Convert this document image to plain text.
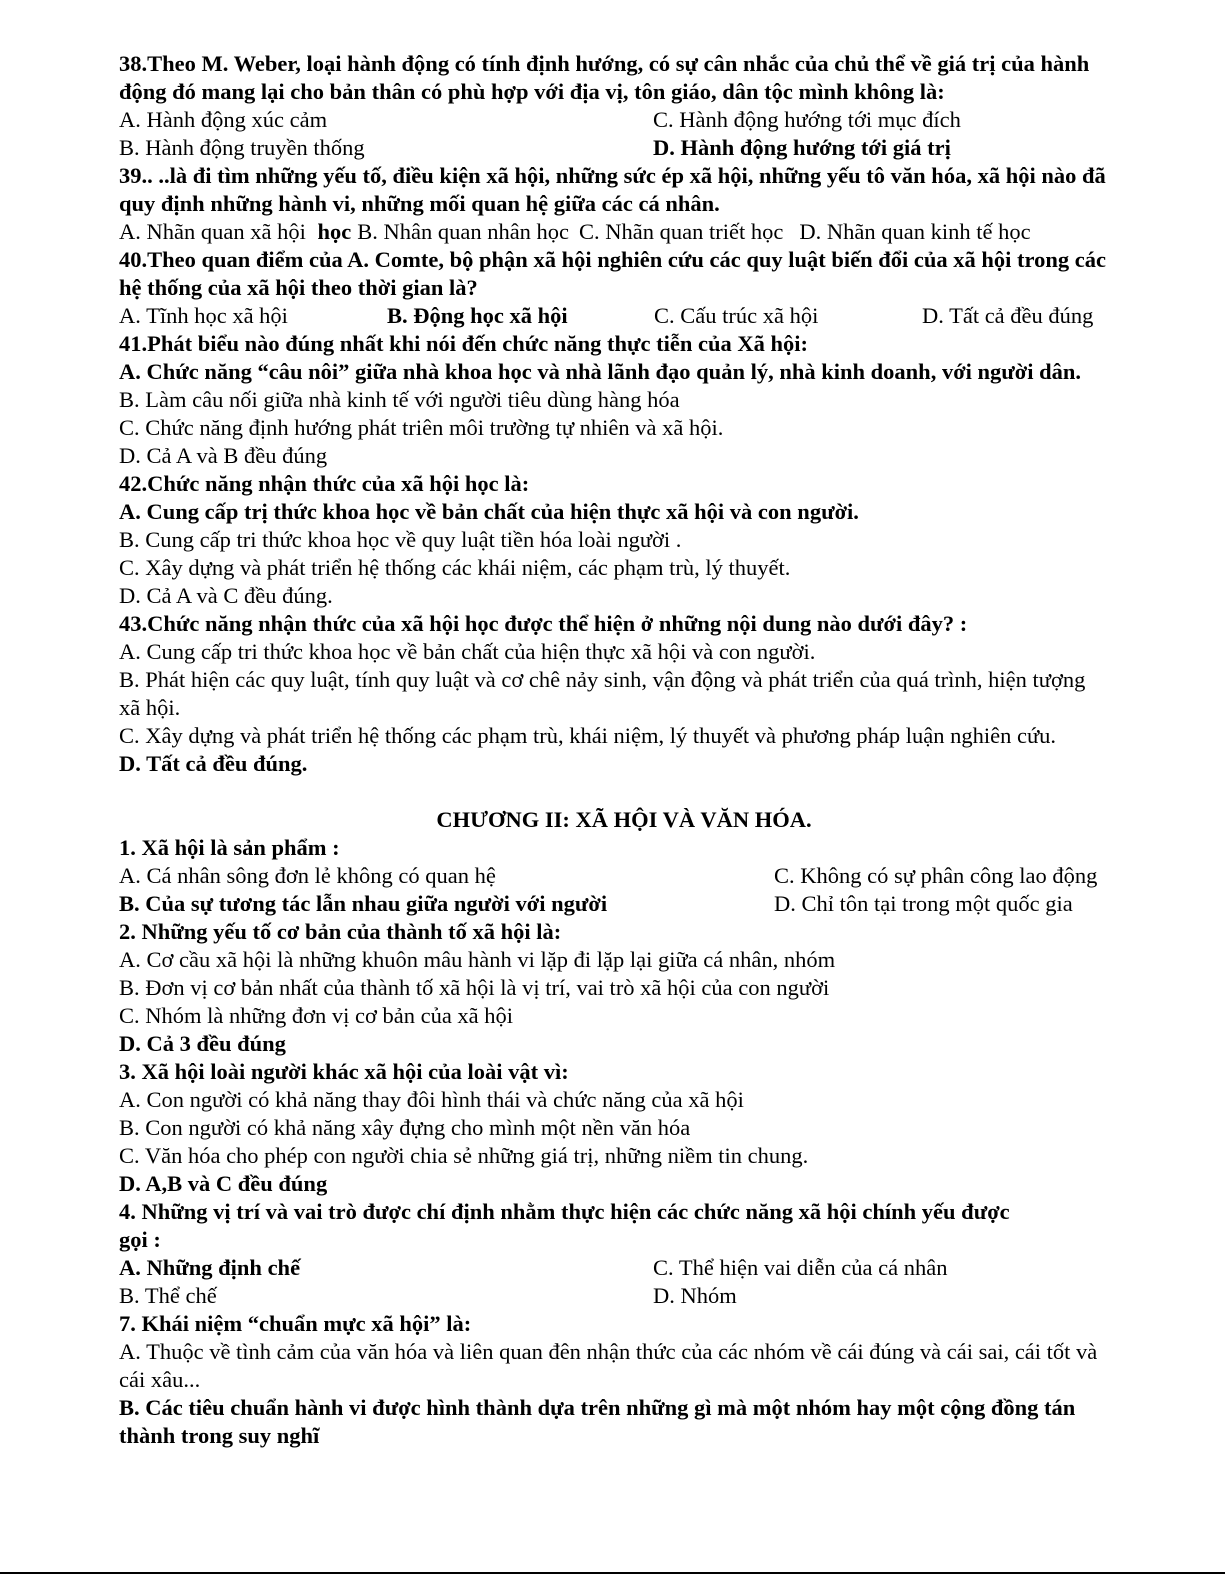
38.Theo M. Weber, loại hành động có tính định hướng, có sự cân nhắc của chủ thể về giá trị của hành động đó mang lại cho bản thân có phù hợp với địa vị, tôn giáo, dân tộc mình không là:
A. Hành động xúc cảm	C. Hành động hướng tới mục đích
B. Hành động truyền thống	D. Hành động hướng tới giá trị
39.. ..là đi tìm những yếu tố, điều kiện xã hội, những sức ép xã hội, những yếu tô văn hóa, xã hội nào đã quy định những hành vi, những mối quan hệ giữa các cá nhân.
A. Nhãn quan xã hội học B. Nhân quan nhân học C. Nhãn quan triết học D. Nhãn quan kinh tế học
40.Theo quan điểm của A. Comte, bộ phận xã hội nghiên cứu các quy luật biến đổi của xã hội trong các hệ thống của xã hội theo thời gian là?
A. Tĩnh học xã hội	B. Động học xã hội	C. Cấu trúc xã hội	D. Tất cả đều đúng
41.Phát biểu nào đúng nhất khi nói đến chức năng thực tiễn của Xã hội:
A. Chức năng “câu nôi” giữa nhà khoa học và nhà lãnh đạo quản lý, nhà kinh doanh, với người dân.
B. Làm câu nối giữa nhà kinh tế với người tiêu dùng hàng hóa
C. Chức năng định hướng phát triên môi trường tự nhiên và xã hội.
D. Cả A và B đều đúng
42.Chức năng nhận thức của xã hội học là:
A. Cung cấp trị thức khoa học về bản chất của hiện thực xã hội và con người.
B. Cung cấp tri thức khoa học về quy luật tiền hóa loài người .
C. Xây dựng và phát triển hệ thống các khái niệm, các phạm trù, lý thuyết.
D. Cả A và C đều đúng.
43.Chức năng nhận thức của xã hội học được thể hiện ở những nội dung nào dưới đây? :
A. Cung cấp tri thức khoa học về bản chất của hiện thực xã hội và con người.
B. Phát hiện các quy luật, tính quy luật và cơ chê nảy sinh, vận động và phát triển của quá trình, hiện tượng xã hội.
C. Xây dựng và phát triển hệ thống các phạm trù, khái niệm, lý thuyết và phương pháp luận nghiên cứu.
D. Tất cả đều đúng.
CHƯƠNG II: XÃ HỘI VÀ VĂN HÓA.
1. Xã hội là sản phẩm :
A. Cá nhân sông đơn lẻ không có quan hệ	C. Không có sự phân công lao động
B. Của sự tương tác lẫn nhau giữa người với người	D. Chỉ tôn tại trong một quốc gia
2. Những yếu tố cơ bản của thành tố xã hội là:
A. Cơ cầu xã hội là những khuôn mâu hành vi lặp đi lặp lại giữa cá nhân, nhóm
B. Đơn vị cơ bản nhất của thành tố xã hội là vị trí, vai trò xã hội của con người
C. Nhóm là những đơn vị cơ bản của xã hội
D. Cả 3 đều đúng
3. Xã hội loài người khác xã hội của loài vật vì:
A. Con người có khả năng thay đôi hình thái và chức năng của xã hội
B. Con người có khả năng xây đựng cho mình một nền văn hóa
C. Văn hóa cho phép con người chia sẻ những giá trị, những niềm tin chung.
D. A,B và C đều đúng
4. Những vị trí và vai trò được chí định nhằm thực hiện các chức năng xã hội chính yếu được
gọi :
A. Những định chế	C. Thể hiện vai diễn của cá nhân
B. Thể chế	D. Nhóm
7. Khái niệm “chuẩn mực xã hội” là:
A. Thuộc về tình cảm của văn hóa và liên quan đên nhận thức của các nhóm về cái đúng và cái sai, cái tốt và cái xâu...
B. Các tiêu chuẩn hành vi được hình thành dựa trên những gì mà một nhóm hay một cộng đồng tán thành trong suy nghĩ
